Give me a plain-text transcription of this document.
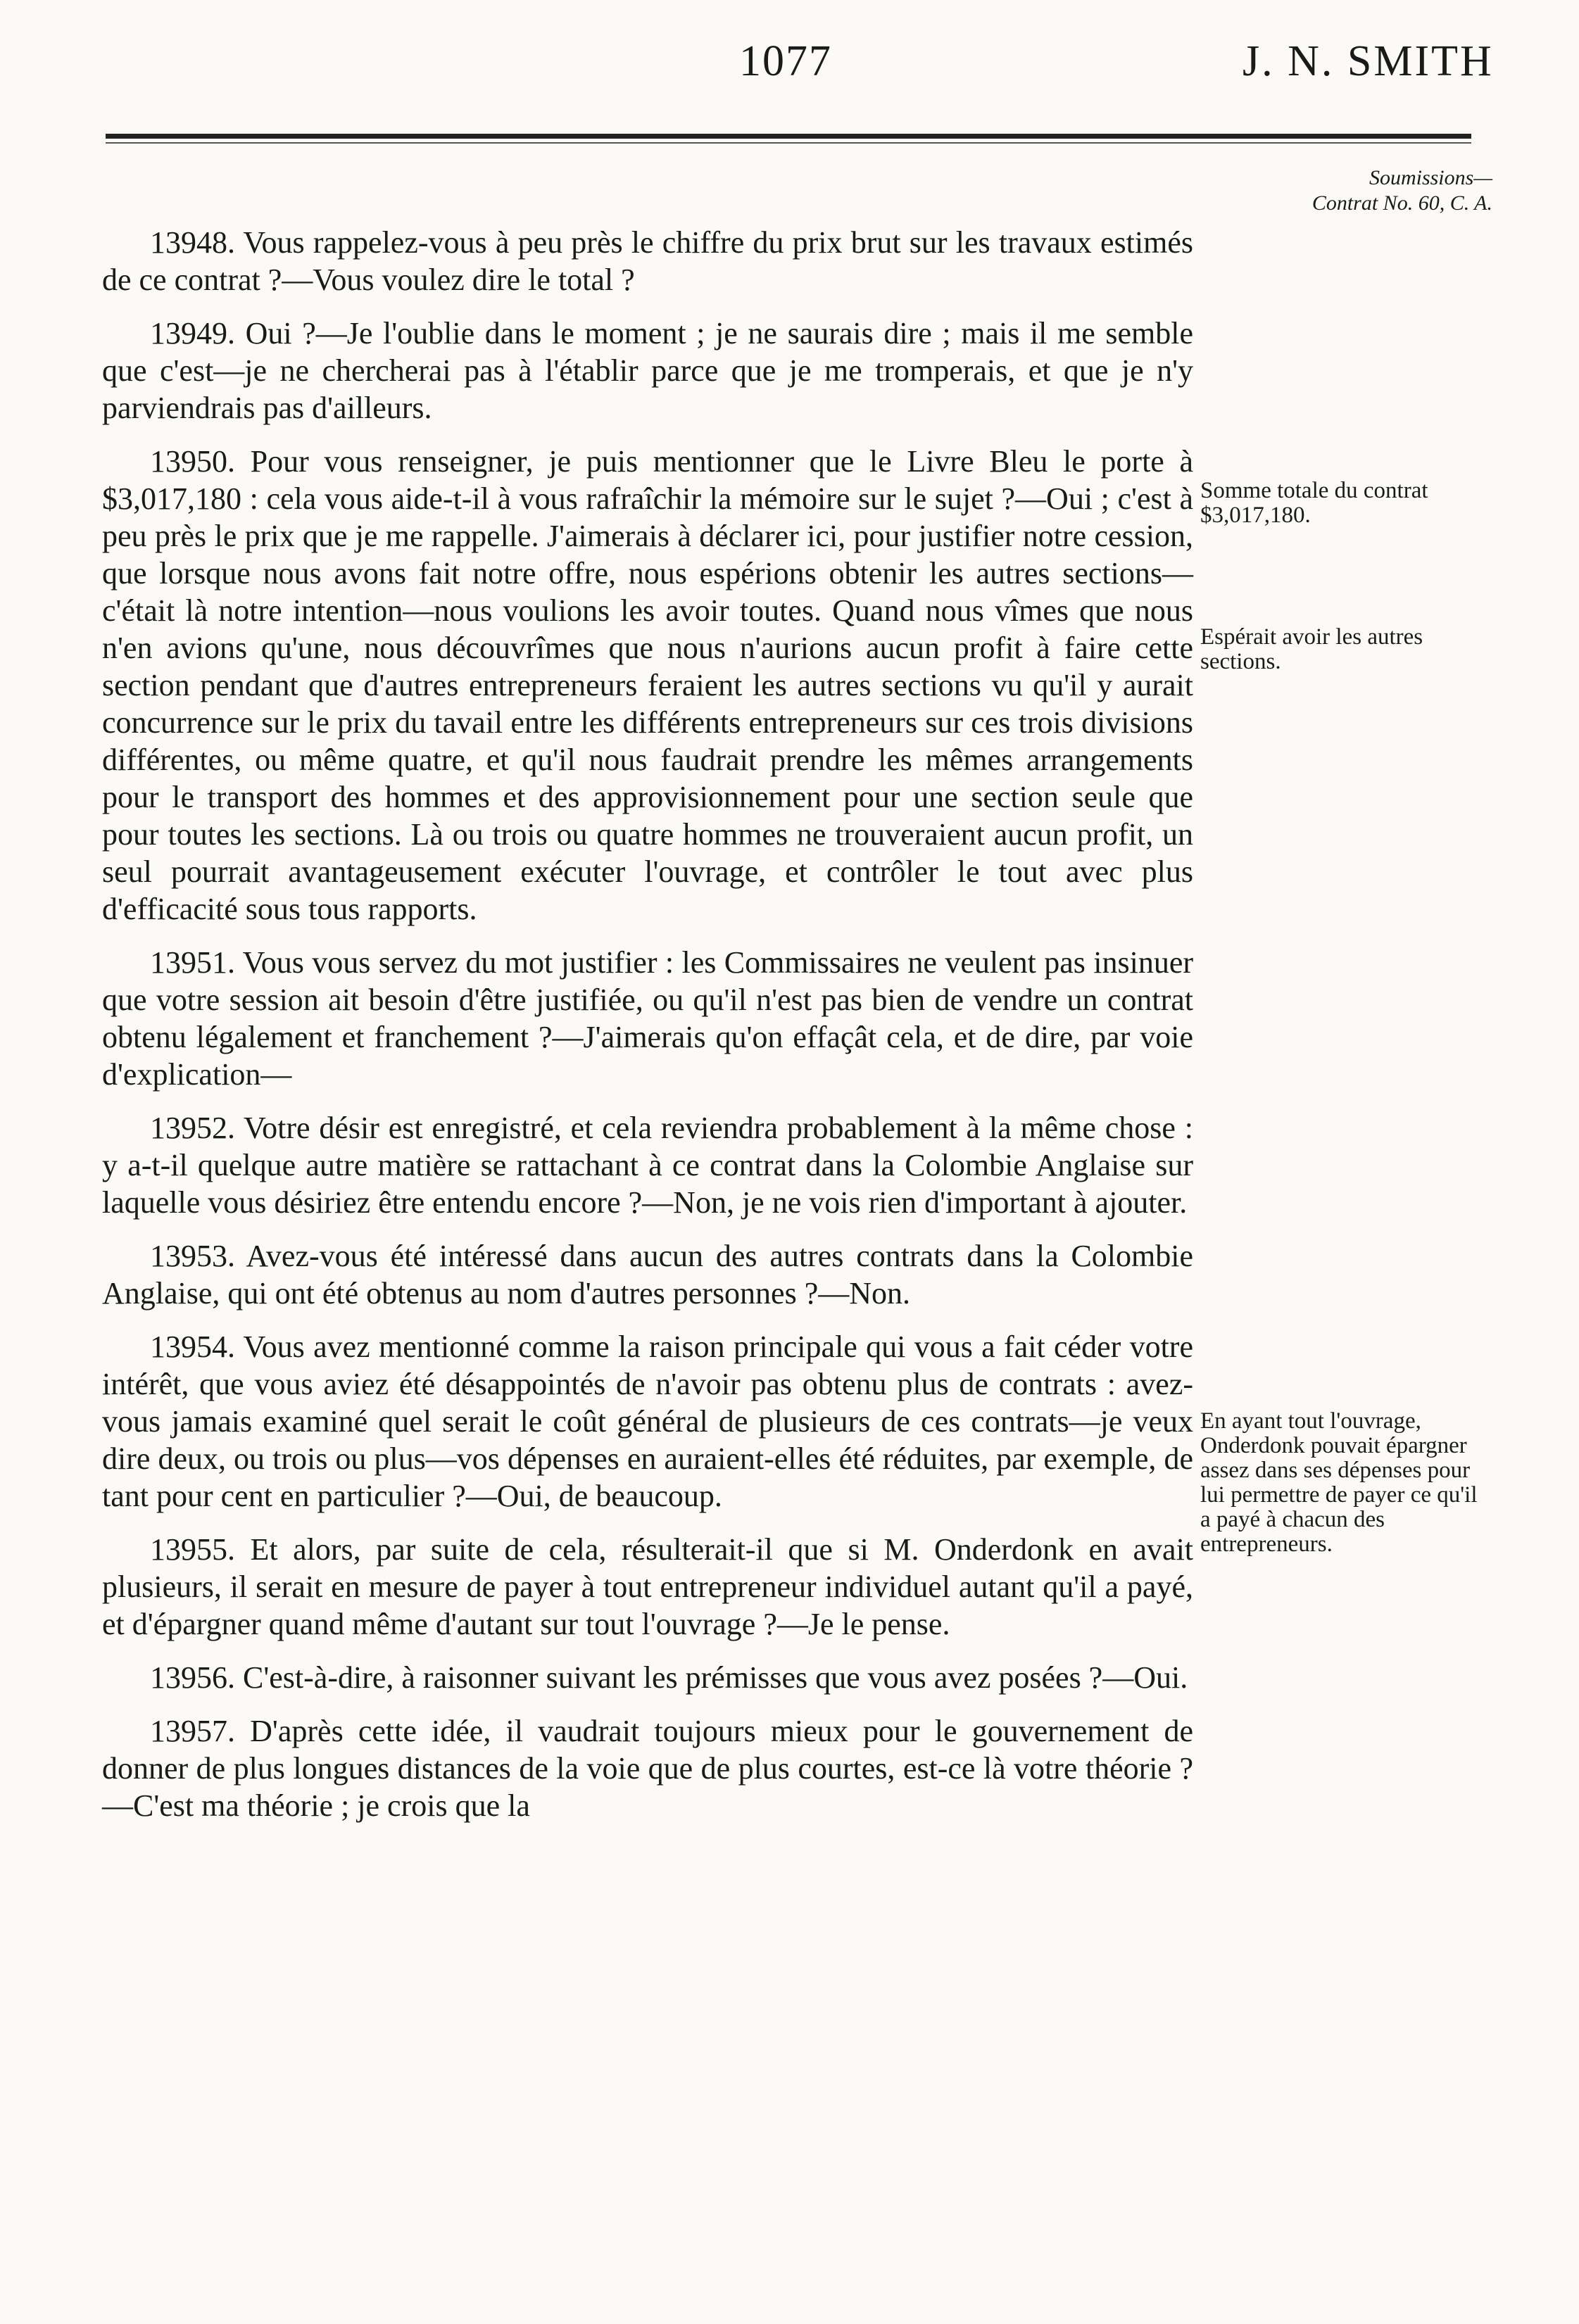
1077	J. N. SMITH
Soumissions—
Contrat No. 60, C. A.

13948. Vous rappelez-vous à peu près le chiffre du prix brut sur les travaux estimés de ce contrat ?—Vous voulez dire le total ?

13949. Oui ?—Je l'oublie dans le moment ; je ne saurais dire ; mais il me semble que c'est—je ne chercherai pas à l'établir parce que je me tromperais, et que je n'y parviendrais pas d'ailleurs.

13950. Pour vous renseigner, je puis mentionner que le Livre Bleu le porte à $3,017,180 : cela vous aide-t-il à vous rafraîchir la mémoire sur le sujet ?—Oui ; c'est à peu près le prix que je me rappelle. J'aimerais à déclarer ici, pour justifier notre cession, que lorsque nous avons fait notre offre, nous espérions obtenir les autres sections—c'était là notre intention—nous voulions les avoir toutes. Quand nous vîmes que nous n'en avions qu'une, nous découvrîmes que nous n'aurions aucun profit à faire cette section pendant que d'autres entrepreneurs feraient les autres sections vu qu'il y aurait concurrence sur le prix du tavail entre les différents entrepreneurs sur ces trois divisions différentes, ou même quatre, et qu'il nous faudrait prendre les mêmes arrangements pour le transport des hommes et des approvisionnement pour une section seule que pour toutes les sections. Là ou trois ou quatre hommes ne trouveraient aucun profit, un seul pourrait avantageusement exécuter l'ouvrage, et contrôler le tout avec plus d'efficacité sous tous rapports.

13951. Vous vous servez du mot justifier : les Commissaires ne veulent pas insinuer que votre session ait besoin d'être justifiée, ou qu'il n'est pas bien de vendre un contrat obtenu légalement et franchement ?—J'aimerais qu'on effaçât cela, et de dire, par voie d'explication—

13952. Votre désir est enregistré, et cela reviendra probablement à la même chose : y a-t-il quelque autre matière se rattachant à ce contrat dans la Colombie Anglaise sur laquelle vous désiriez être entendu encore ?—Non, je ne vois rien d'important à ajouter.

13953. Avez-vous été intéressé dans aucun des autres contrats dans la Colombie Anglaise, qui ont été obtenus au nom d'autres personnes ?—Non.

13954. Vous avez mentionné comme la raison principale qui vous a fait céder votre intérêt, que vous aviez été désappointés de n'avoir pas obtenu plus de contrats : avez-vous jamais examiné quel serait le coût général de plusieurs de ces contrats—je veux dire deux, ou trois ou plus—vos dépenses en auraient-elles été réduites, par exemple, de tant pour cent en particulier ?—Oui, de beaucoup.

13955. Et alors, par suite de cela, résulterait-il que si M. Onderdonk en avait plusieurs, il serait en mesure de payer à tout entrepreneur individuel autant qu'il a payé, et d'épargner quand même d'autant sur tout l'ouvrage ?—Je le pense.

13956. C'est-à-dire, à raisonner suivant les prémisses que vous avez posées ?—Oui.

13957. D'après cette idée, il vaudrait toujours mieux pour le gouvernement de donner de plus longues distances de la voie que de plus courtes, est-ce là votre théorie ?—C'est ma théorie ; je crois que la

Somme totale du contrat $3,017,180.
Espérait avoir les autres sections.
En ayant tout l'ouvrage, Onderdonk pouvait épargner assez dans ses dépenses pour lui permettre de payer ce qu'il a payé à chacun des entrepreneurs.
